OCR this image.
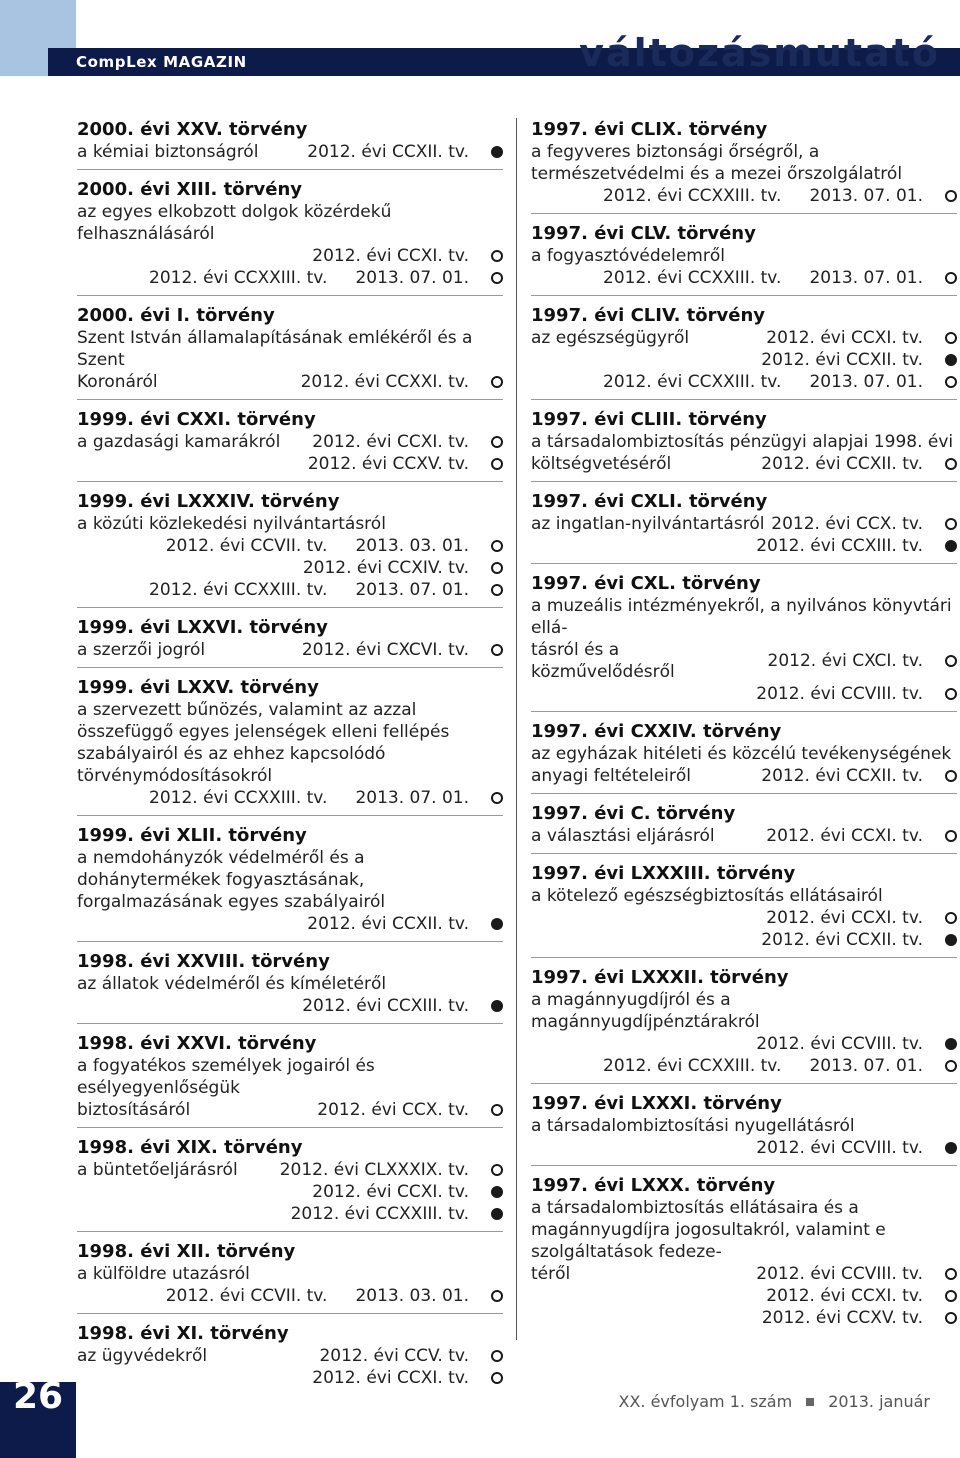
CompLex MAGAZIN	változásmutató
2000. évi XXV. törvény
a kémiai biztonságról	2012. évi CCXII. tv.
2000. évi XIII. törvény
az egyes elkobzott dolgok közérdekű felhasználásáról
2012. évi CCXI. tv.
2012. évi CCXXIII. tv. 2013. 07. 01.
2000. évi I. törvény
Szent István államalapításának emlékéről és a Szent
Koronáról	2012. évi CCXXI. tv.
1999. évi CXXI. törvény
a gazdasági kamarákról	2012. évi CCXI. tv.
2012. évi CCXV. tv.
1999. évi LXXXIV. törvény
a közúti közlekedési nyilvántartásról
2012. évi CCVII. tv. 2013. 03. 01.
2012. évi CCXIV. tv.
2012. évi CCXXIII. tv. 2013. 07. 01.
1999. évi LXXVI. törvény
a szerzői jogról	2012. évi CXCVI. tv.
1999. évi LXXV. törvény
a szervezett bűnözés, valamint az azzal összefüggő egyes jelenségek elleni fellépés szabályairól és az ehhez kapcsolódó törvénymódosításokról
2012. évi CCXXIII. tv. 2013. 07. 01.
1999. évi XLII. törvény
a nemdohányzók védelméről és a dohánytermékek fogyasztásának, forgalmazásának egyes szabályairól
2012. évi CCXII. tv.
1998. évi XXVIII. törvény
az állatok védelméről és kíméletéről
2012. évi CCXIII. tv.
1998. évi XXVI. törvény
a fogyatékos személyek jogairól és esélyegyenlőségük
biztosításáról	2012. évi CCX. tv.
1998. évi XIX. törvény
a büntetőeljárásról	2012. évi CLXXXIX. tv.
2012. évi CCXI. tv.
2012. évi CCXXIII. tv.
1998. évi XII. törvény
a külföldre utazásról
2012. évi CCVII. tv. 2013. 03. 01.
1998. évi XI. törvény
az ügyvédekről	2012. évi CCV. tv.
2012. évi CCXI. tv.
1997. évi CLIX. törvény
a fegyveres biztonsági őrségről, a természetvédelmi és a mezei őrszolgálatról
2012. évi CCXXIII. tv. 2013. 07. 01.
1997. évi CLV. törvény
a fogyasztóvédelemről
2012. évi CCXXIII. tv. 2013. 07. 01.
1997. évi CLIV. törvény
az egészségügyről	2012. évi CCXI. tv.
2012. évi CCXII. tv.
2012. évi CCXXIII. tv. 2013. 07. 01.
1997. évi CLIII. törvény
a társadalombiztosítás pénzügyi alapjai 1998. évi
költségvetéséről	2012. évi CCXII. tv.
1997. évi CXLI. törvény
az ingatlan-nyilvántartásról 2012. évi CCX. tv.
2012. évi CCXIII. tv.
1997. évi CXL. törvény
a muzeális intézményekről, a nyilvános könyvtári ellá-
tásról és a közművelődésről
2012. évi CXCI. tv.
2012. évi CCVIII. tv.
1997. évi CXXIV. törvény
az egyházak hitéleti és közcélú tevékenységének
anyagi feltételeiről	2012. évi CCXII. tv.
1997. évi C. törvény
a választási eljárásról	2012. évi CCXI. tv.
1997. évi LXXXIII. törvény
a kötelező egészségbiztosítás ellátásairól
2012. évi CCXI. tv.
2012. évi CCXII. tv.
1997. évi LXXXII. törvény
a magánnyugdíjról és a magánnyugdíjpénztárakról
2012. évi CCVIII. tv.
2012. évi CCXXIII. tv. 2013. 07. 01.
1997. évi LXXXI. törvény
a társadalombiztosítási nyugellátásról
2012. évi CCVIII. tv.
1997. évi LXXX. törvény
a társadalombiztosítás ellátásaira és a magánnyugdíjra jogosultakról, valamint e szolgáltatások fedeze-
téről	2012. évi CCVIII. tv.
2012. évi CCXI. tv.
2012. évi CCXV. tv.
26	XX. évfolyam 1. szám 2013. január
